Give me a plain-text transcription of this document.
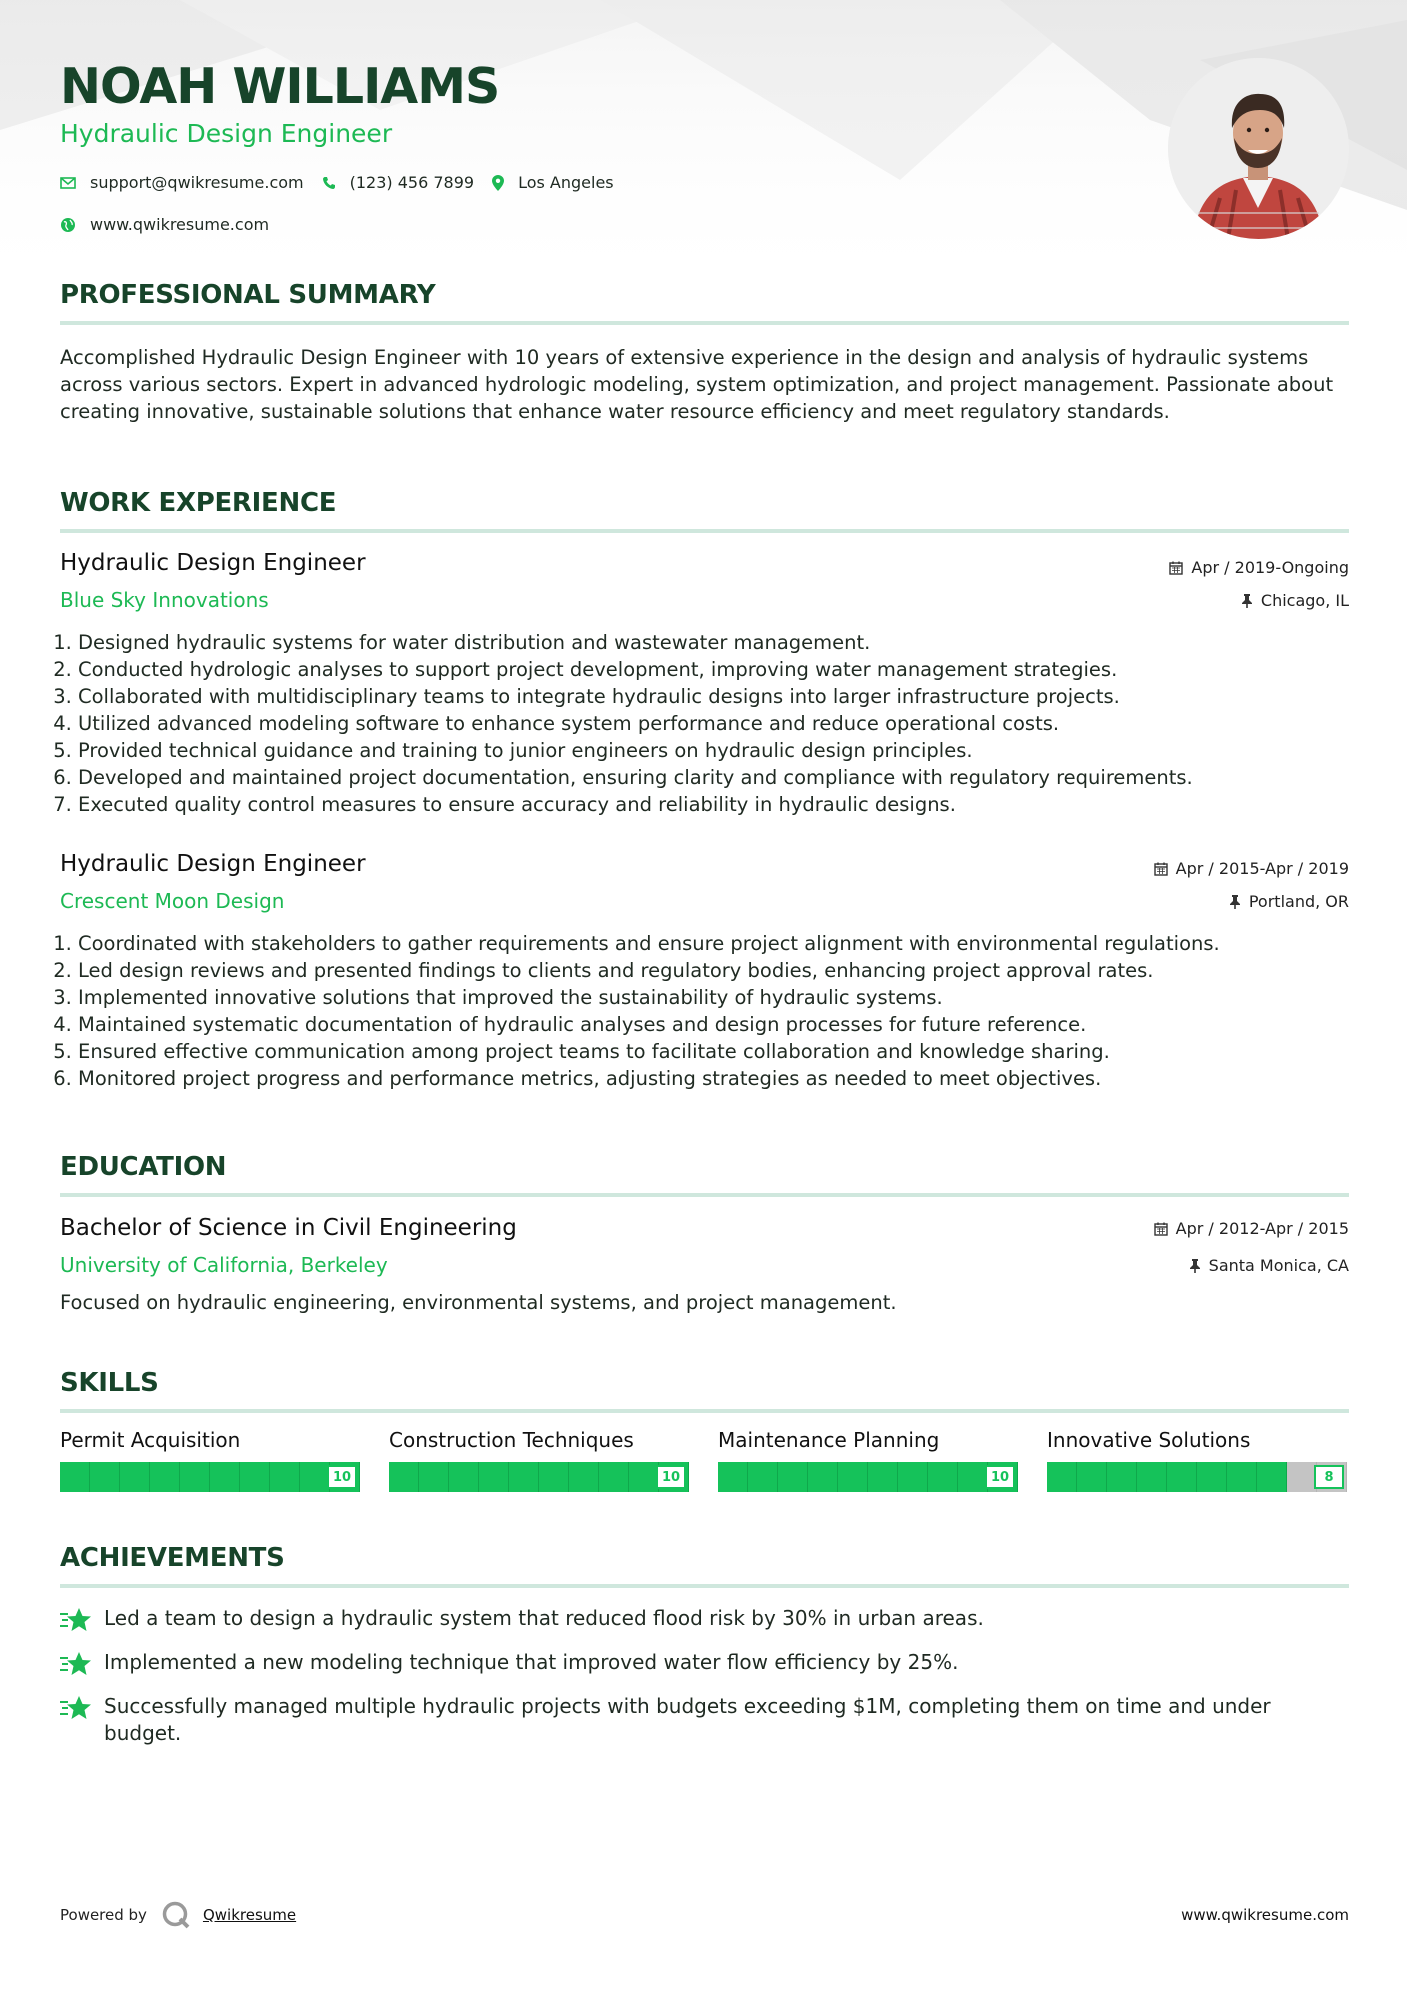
NOAH WILLIAMS
Hydraulic Design Engineer
support@qwikresume.com	(123) 456 7899	Los Angeles
www.qwikresume.com
PROFESSIONAL SUMMARY
Accomplished Hydraulic Design Engineer with 10 years of extensive experience in the design and analysis of hydraulic systems across various sectors. Expert in advanced hydrologic modeling, system optimization, and project management. Passionate about creating innovative, sustainable solutions that enhance water resource efficiency and meet regulatory standards.
WORK EXPERIENCE
Hydraulic Design Engineer
Blue Sky Innovations
Apr / 2019-Ongoing
Chicago, IL
1. Designed hydraulic systems for water distribution and wastewater management.
2. Conducted hydrologic analyses to support project development, improving water management strategies.
3. Collaborated with multidisciplinary teams to integrate hydraulic designs into larger infrastructure projects.
4. Utilized advanced modeling software to enhance system performance and reduce operational costs.
5. Provided technical guidance and training to junior engineers on hydraulic design principles.
6. Developed and maintained project documentation, ensuring clarity and compliance with regulatory requirements.
7. Executed quality control measures to ensure accuracy and reliability in hydraulic designs.
Hydraulic Design Engineer
Crescent Moon Design
Apr / 2015-Apr / 2019
Portland, OR
1. Coordinated with stakeholders to gather requirements and ensure project alignment with environmental regulations.
2. Led design reviews and presented findings to clients and regulatory bodies, enhancing project approval rates.
3. Implemented innovative solutions that improved the sustainability of hydraulic systems.
4. Maintained systematic documentation of hydraulic analyses and design processes for future reference.
5. Ensured effective communication among project teams to facilitate collaboration and knowledge sharing.
6. Monitored project progress and performance metrics, adjusting strategies as needed to meet objectives.
EDUCATION
Bachelor of Science in Civil Engineering
University of California, Berkeley
Apr / 2012-Apr / 2015
Santa Monica, CA
Focused on hydraulic engineering, environmental systems, and project management.
SKILLS
Permit Acquisition
10
Construction Techniques
10
Maintenance Planning
10
Innovative Solutions
8
ACHIEVEMENTS
Led a team to design a hydraulic system that reduced flood risk by 30% in urban areas.
Implemented a new modeling technique that improved water flow efficiency by 25%.
Successfully managed multiple hydraulic projects with budgets exceeding $1M, completing them on time and under budget.
Powered by	Qwikresume	www.qwikresume.com
